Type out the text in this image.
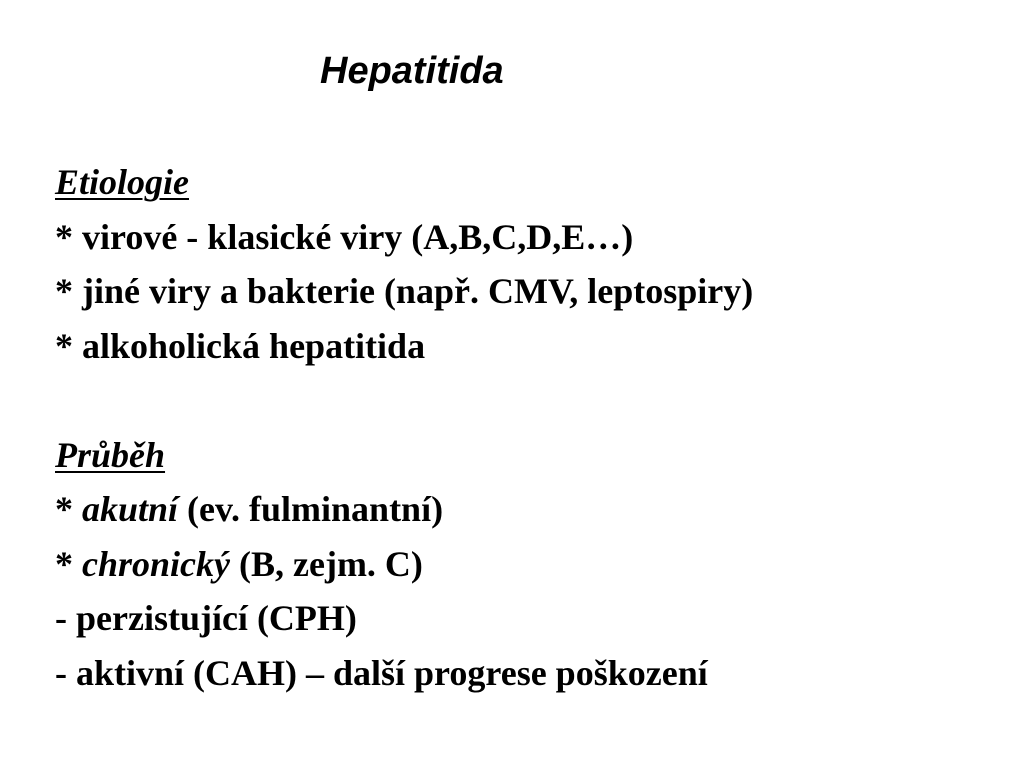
Hepatitida
Etiologie
* virové - klasické viry (A,B,C,D,E…)
* jiné viry a bakterie (např. CMV, leptospiry)
* alkoholická hepatitida
Průběh
* akutní (ev. fulminantní)
* chronický (B, zejm. C)
- perzistující (CPH)
- aktivní (CAH) – další progrese poškození
